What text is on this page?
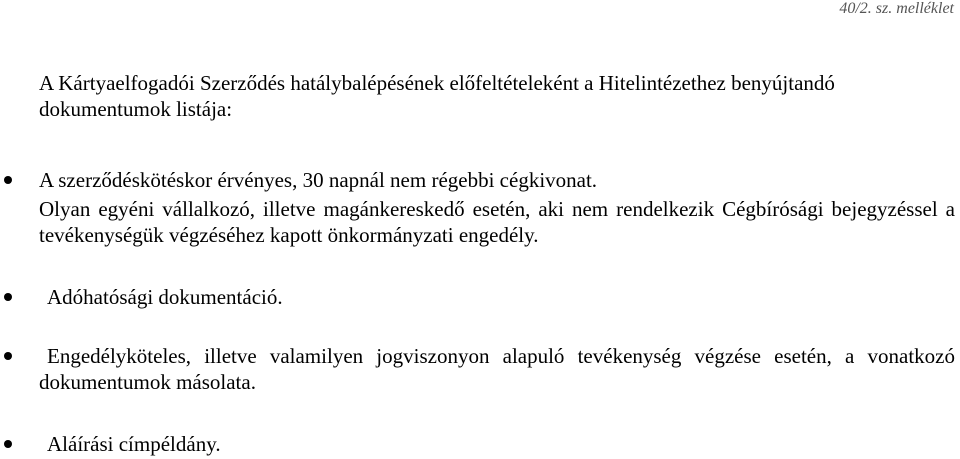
40/2. sz. melléklet
A Kártyaelfogadói Szerződés hatálybalépésének előfeltételeként a Hitelintézethez benyújtandó dokumentumok listája:
A szerződéskötéskor érvényes, 30 napnál nem régebbi cégkivonat.
Olyan egyéni vállalkozó, illetve magánkereskedő esetén, aki nem rendelkezik Cégbírósági bejegyzéssel a tevékenységük végzéséhez kapott önkormányzati engedély.
Adóhatósági dokumentáció.
Engedélyköteles, illetve valamilyen jogviszonyon alapuló tevékenység végzése esetén, a vonatkozó dokumentumok másolata.
Aláírási címpéldány.
